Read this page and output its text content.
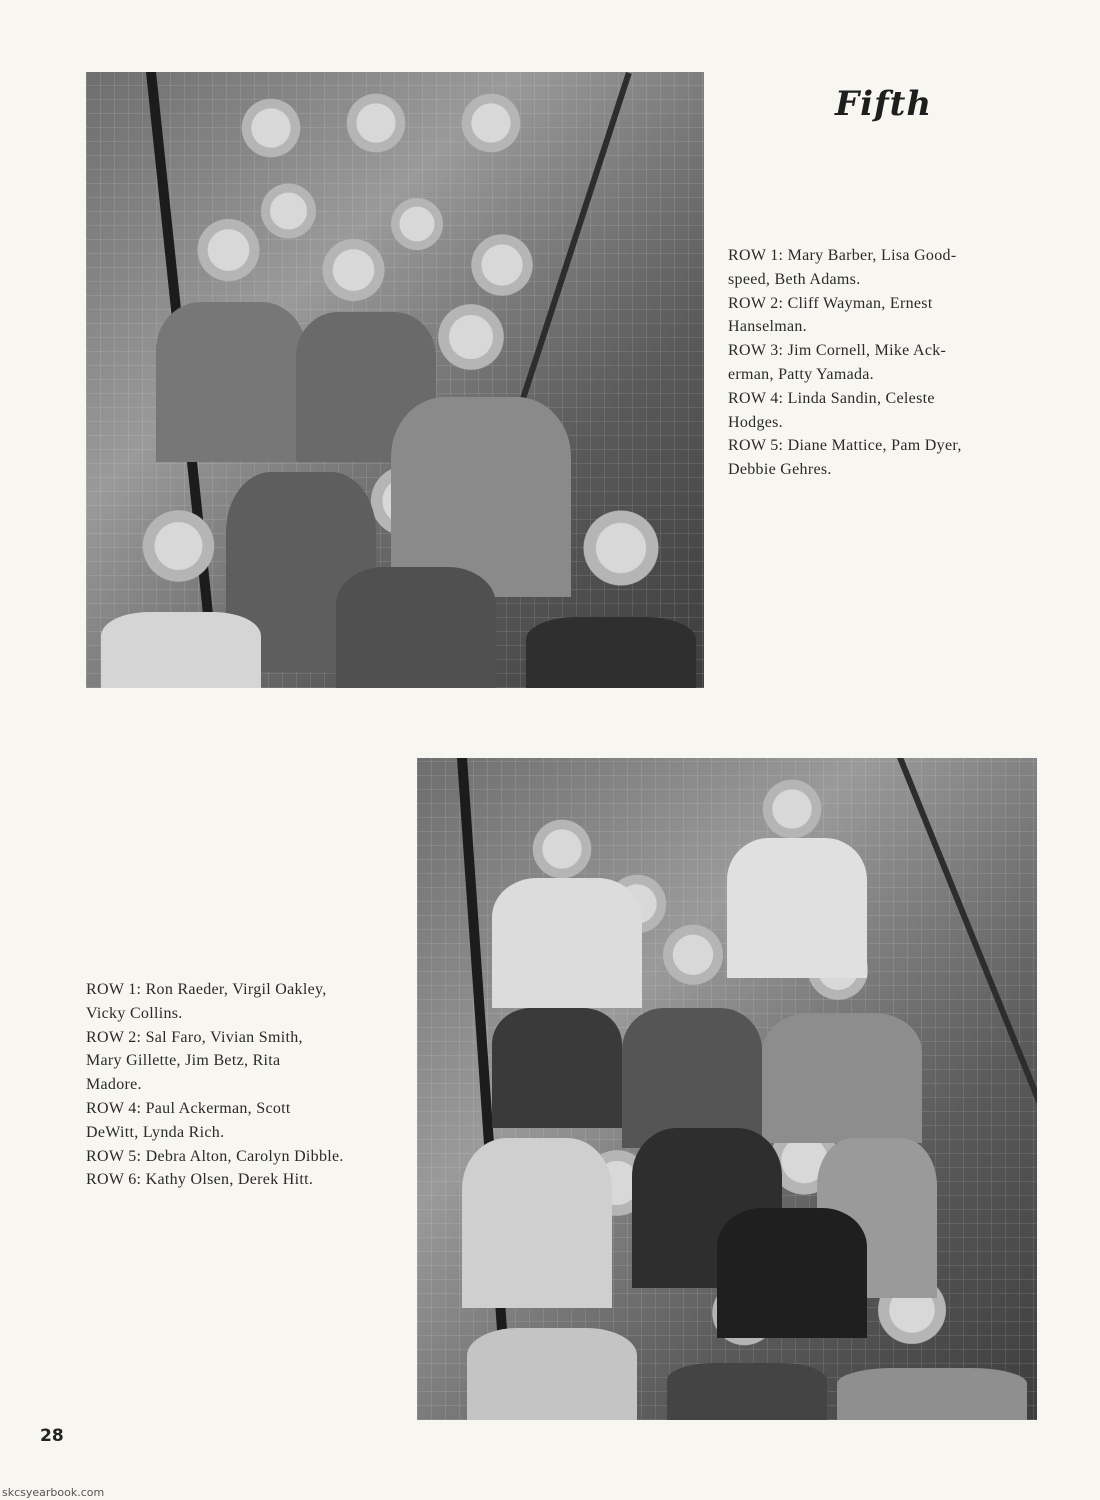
Fifth
ROW 1: Mary Barber, Lisa Good-
speed, Beth Adams.
ROW 2: Cliff Wayman, Ernest
Hanselman.
ROW 3: Jim Cornell, Mike Ack-
erman, Patty Yamada.
ROW 4: Linda Sandin, Celeste
Hodges.
ROW 5: Diane Mattice, Pam Dyer,
Debbie Gehres.
ROW 1: Ron Raeder, Virgil Oakley,
Vicky Collins.
ROW 2: Sal Faro, Vivian Smith,
Mary Gillette, Jim Betz, Rita
Madore.
ROW 4: Paul Ackerman, Scott
DeWitt, Lynda Rich.
ROW 5: Debra Alton, Carolyn Dibble.
ROW 6: Kathy Olsen, Derek Hitt.
28
skcsyearbook.com
